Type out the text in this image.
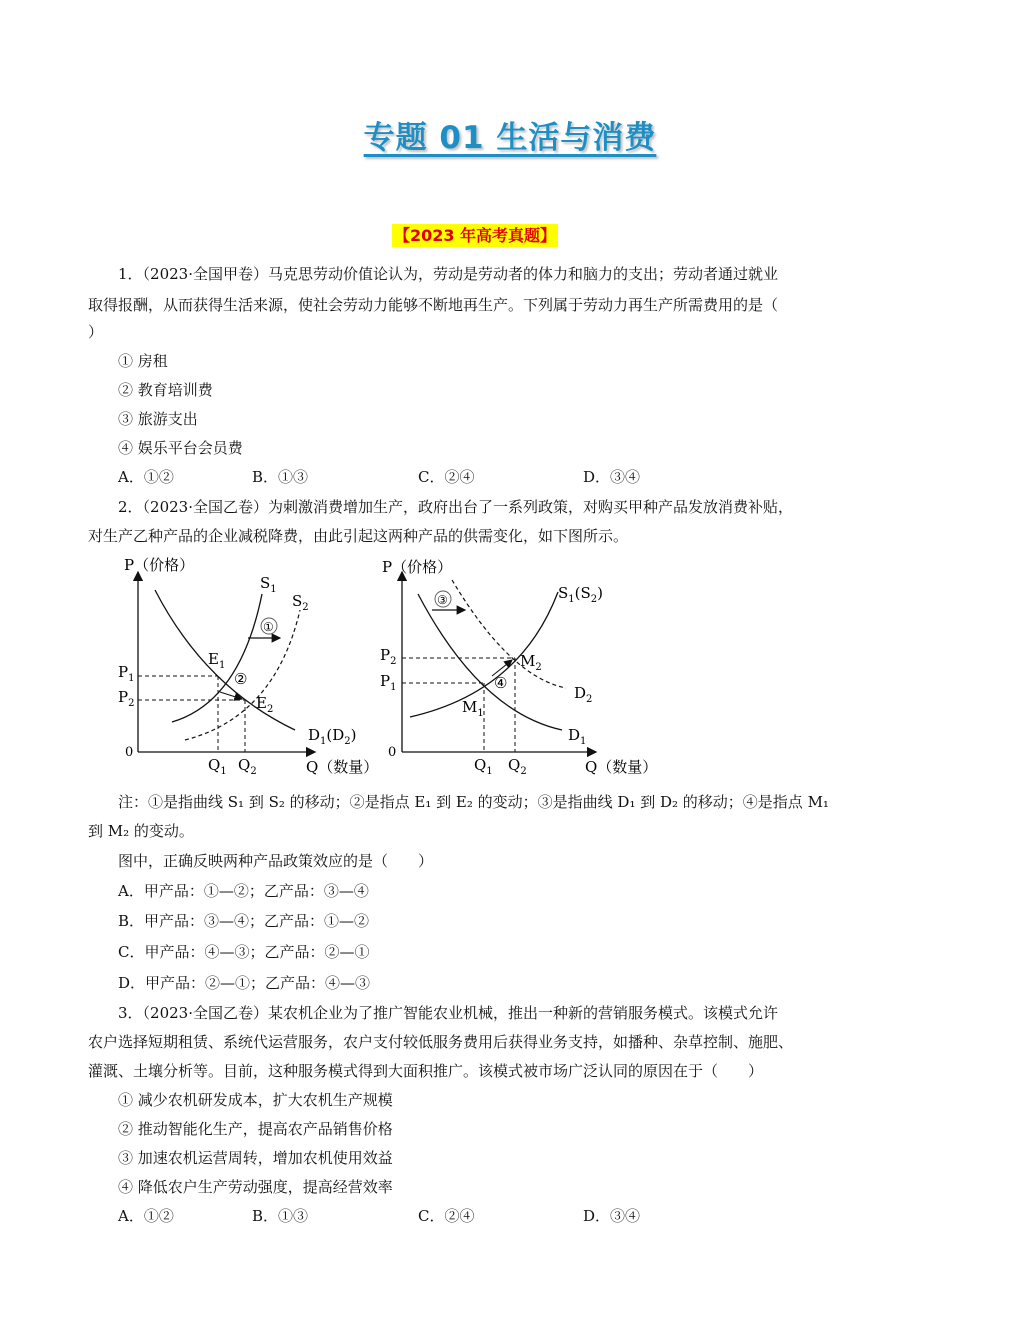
专题 01 生活与消费
【2023 年高考真题】
1．（2023·全国甲卷）马克思劳动价值论认为，劳动是劳动者的体力和脑力的支出；劳动者通过就业
取得报酬，从而获得生活来源，使社会劳动力能够不断地再生产。下列属于劳动力再生产所需费用的是（
）
① 房租
② 教育培训费
③ 旅游支出
④ 娱乐平台会员费
A．①②	B．①③	C．②④	D．③④
2．（2023·全国乙卷）为刺激消费增加生产，政府出台了一系列政策，对购买甲种产品发放消费补贴，
对生产乙种产品的企业减税降费，由此引起这两种产品的供需变化，如下图所示。
P（价格）
Q（数量）
0
①
②
$S_1$
$S_2$
$D_1(D_2)$
$E_1$
$E_2$
$P_1$
$P_2$
$Q_1$ $Q_2$
P（价格）
Q（数量）
0
③
④
$S_1(S_2)$
$D_2$
$D_1$
$M_2$
$M_1$
$P_2$
$P_1$
$Q_1$ $Q_2$
注：①是指曲线 S₁ 到 S₂ 的移动；②是指点 E₁ 到 E₂ 的变动；③是指曲线 D₁ 到 D₂ 的移动；④是指点 M₁
到 M₂ 的变动。
图中，正确反映两种产品政策效应的是（　　）
A．甲产品：①—②；乙产品：③—④
B．甲产品：③—④；乙产品：①—②
C．甲产品：④—③；乙产品：②—①
D．甲产品：②—①；乙产品：④—③
3．（2023·全国乙卷）某农机企业为了推广智能农业机械，推出一种新的营销服务模式。该模式允许
农户选择短期租赁、系统代运营服务，农户支付较低服务费用后获得业务支持，如播种、杂草控制、施肥、
灌溉、土壤分析等。目前，这种服务模式得到大面积推广。该模式被市场广泛认同的原因在于（　　）
① 减少农机研发成本，扩大农机生产规模
② 推动智能化生产，提高农产品销售价格
③ 加速农机运营周转，增加农机使用效益
④ 降低农户生产劳动强度，提高经营效率
A．①②	B．①③	C．②④	D．③④
